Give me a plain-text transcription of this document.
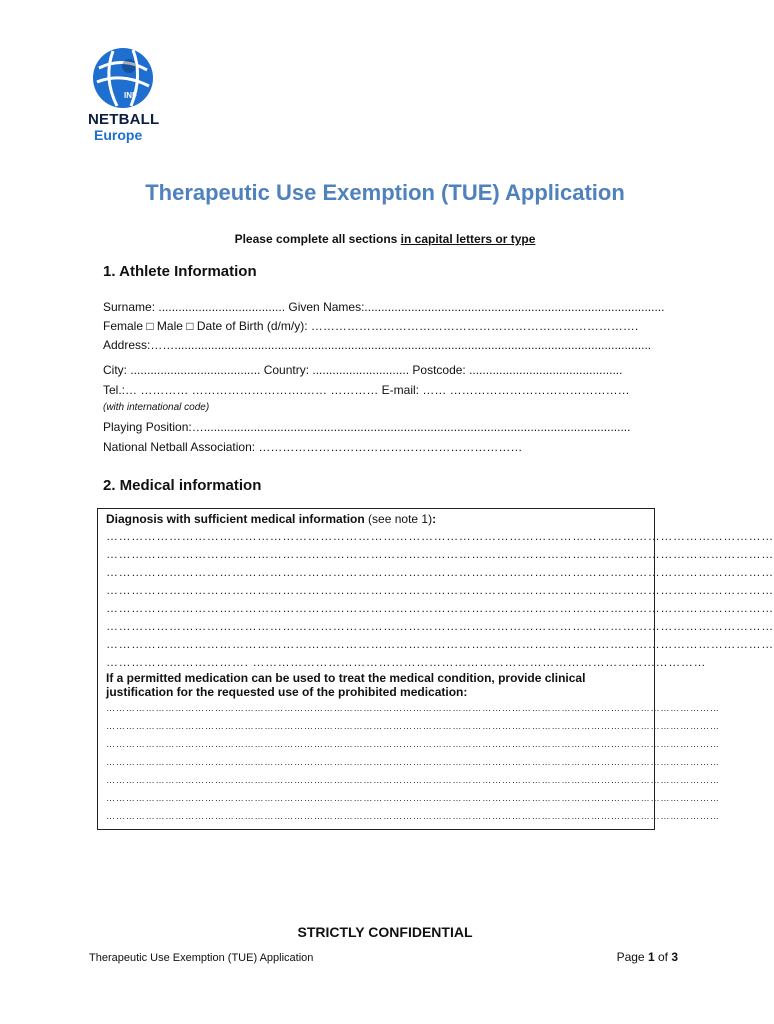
INF
NETBALL
Europe
Therapeutic Use Exemption (TUE) Application
Please complete all sections in capital letters or type
1. Athlete Information
Surname: ...................................... Given Names:..........................................................................................
Female □ Male □ Date of Birth (d/m/y): ……………………………………………………………………….
Address:……...............................................................................................................................................
City: ....................................... Country: ............................. Postcode: ..............................................
Tel.:… ………… ……………………….…… ………… E-mail: …… ………………………………………
(with international code)
Playing Position:…................................................................................................................................
National Netball Association: …………………………………………………………
2. Medical information
Diagnosis with sufficient medical information (see note 1):
……………………………………………………………………………………………………………………………………………
……………………………………………………………………………………………………………………………………………
……………………………………………………………………………………………………………………………………………
……………………………………………………………………………………………………………………………………………
……………………………………………………………………………………………………………………………………………
……………………………………………………………………………………………………………………………………………
……………………………………………………………………………………………………………………………………………
……………………………. ………………………………………………………………………………………………
If a permitted medication can be used to treat the medical condition, provide clinical
justification for the requested use of the prohibited medication:
……………………………………………………………………………………………………………………………………………………………………
……………………………………………………………………………………………………………………………………………………………………
……………………………………………………………………………………………………………………………………………………………………
……………………………………………………………………………………………………………………………………………………………………
……………………………………………………………………………………………………………………………………………………………………
……………………………………………………………………………………………………………………………………………………………………
……………………………………………………………………………………………………………………………………………………………………
STRICTLY CONFIDENTIAL
Therapeutic Use Exemption (TUE) Application	Page 1 of 3
